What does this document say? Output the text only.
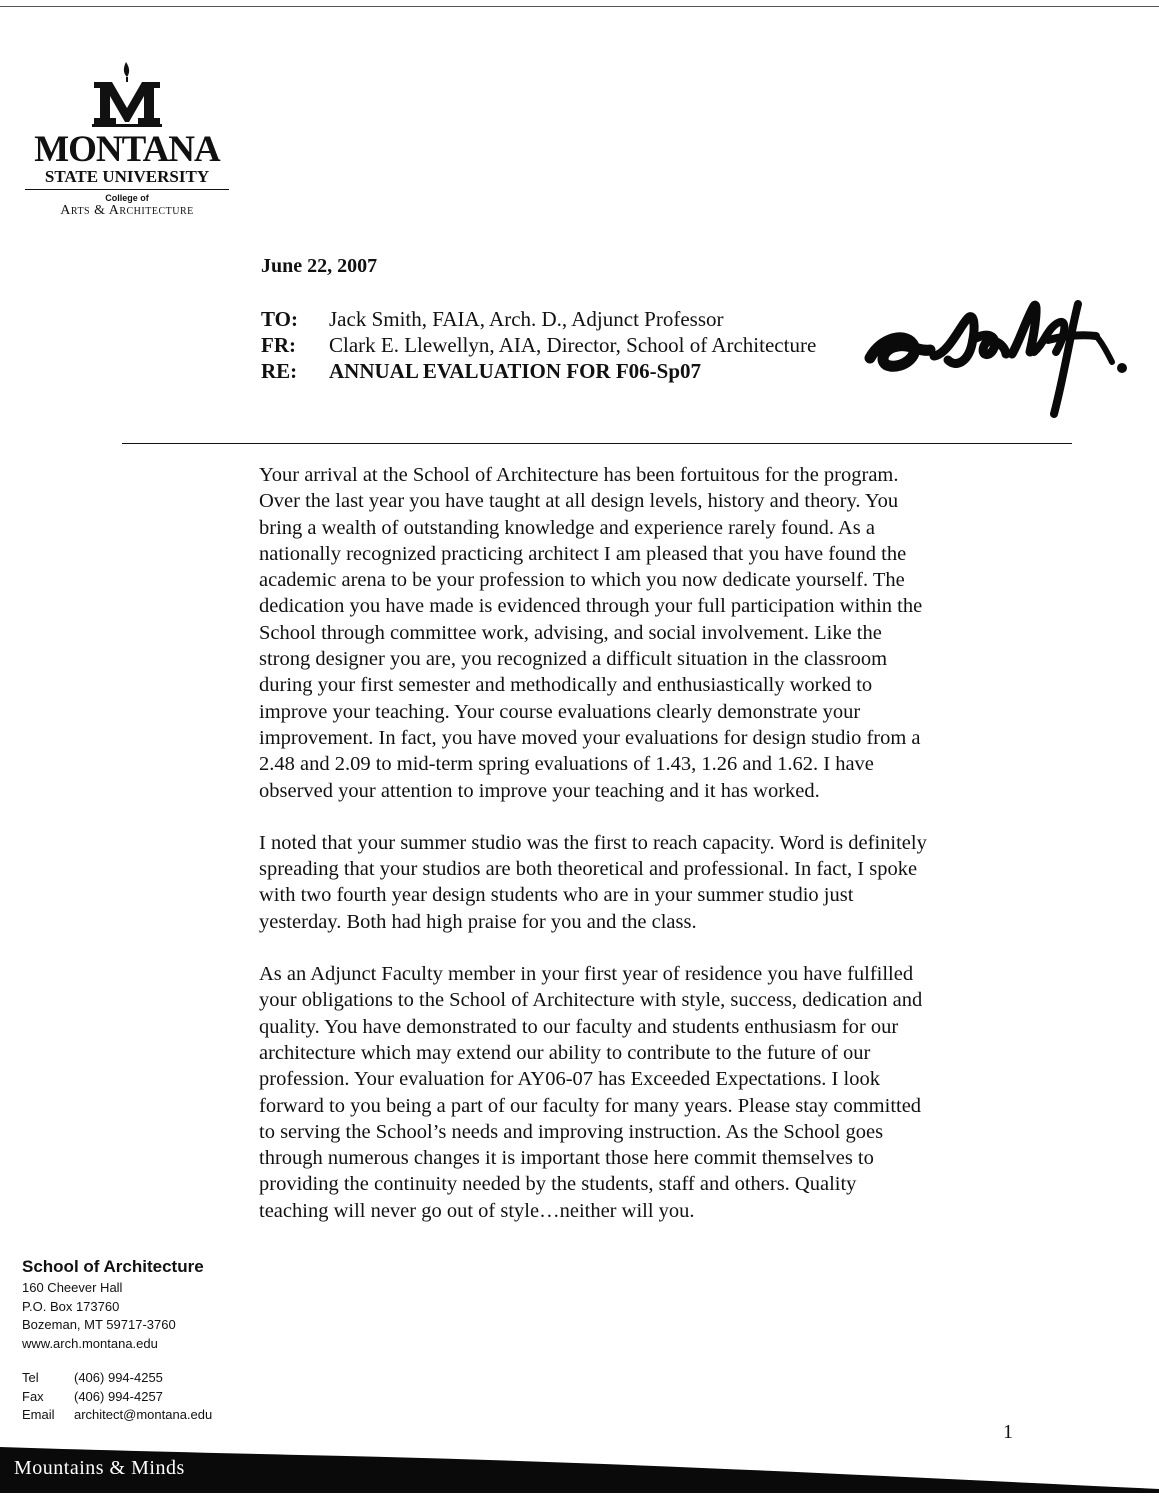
MONTANA
STATE UNIVERSITY
College of
Arts & Architecture
June 22, 2007
TO: Jack Smith, FAIA, Arch. D., Adjunct Professor
FR: Clark E. Llewellyn, AIA, Director, School of Architecture
RE: ANNUAL EVALUATION FOR F06-Sp07

Your arrival at the School of Architecture has been fortuitous for the program.
Over the last year you have taught at all design levels, history and theory. You
bring a wealth of outstanding knowledge and experience rarely found. As a
nationally recognized practicing architect I am pleased that you have found the
academic arena to be your profession to which you now dedicate yourself. The
dedication you have made is evidenced through your full participation within the
School through committee work, advising, and social involvement. Like the
strong designer you are, you recognized a difficult situation in the classroom
during your first semester and methodically and enthusiastically worked to
improve your teaching. Your course evaluations clearly demonstrate your
improvement. In fact, you have moved your evaluations for design studio from a
2.48 and 2.09 to mid-term spring evaluations of 1.43, 1.26 and 1.62. I have
observed your attention to improve your teaching and it has worked.

I noted that your summer studio was the first to reach capacity. Word is definitely
spreading that your studios are both theoretical and professional. In fact, I spoke
with two fourth year design students who are in your summer studio just
yesterday. Both had high praise for you and the class.

As an Adjunct Faculty member in your first year of residence you have fulfilled
your obligations to the School of Architecture with style, success, dedication and
quality. You have demonstrated to our faculty and students enthusiasm for our
architecture which may extend our ability to contribute to the future of our
profession. Your evaluation for AY06-07 has Exceeded Expectations. I look
forward to you being a part of our faculty for many years. Please stay committed
to serving the School’s needs and improving instruction. As the School goes
through numerous changes it is important those here commit themselves to
providing the continuity needed by the students, staff and others. Quality
teaching will never go out of style…neither will you.

School of Architecture
160 Cheever Hall
P.O. Box 173760
Bozeman, MT 59717-3760
www.arch.montana.edu
Tel	(406) 994-4255
Fax (406) 994-4257
Email architect@montana.edu
1
Mountains & Minds
